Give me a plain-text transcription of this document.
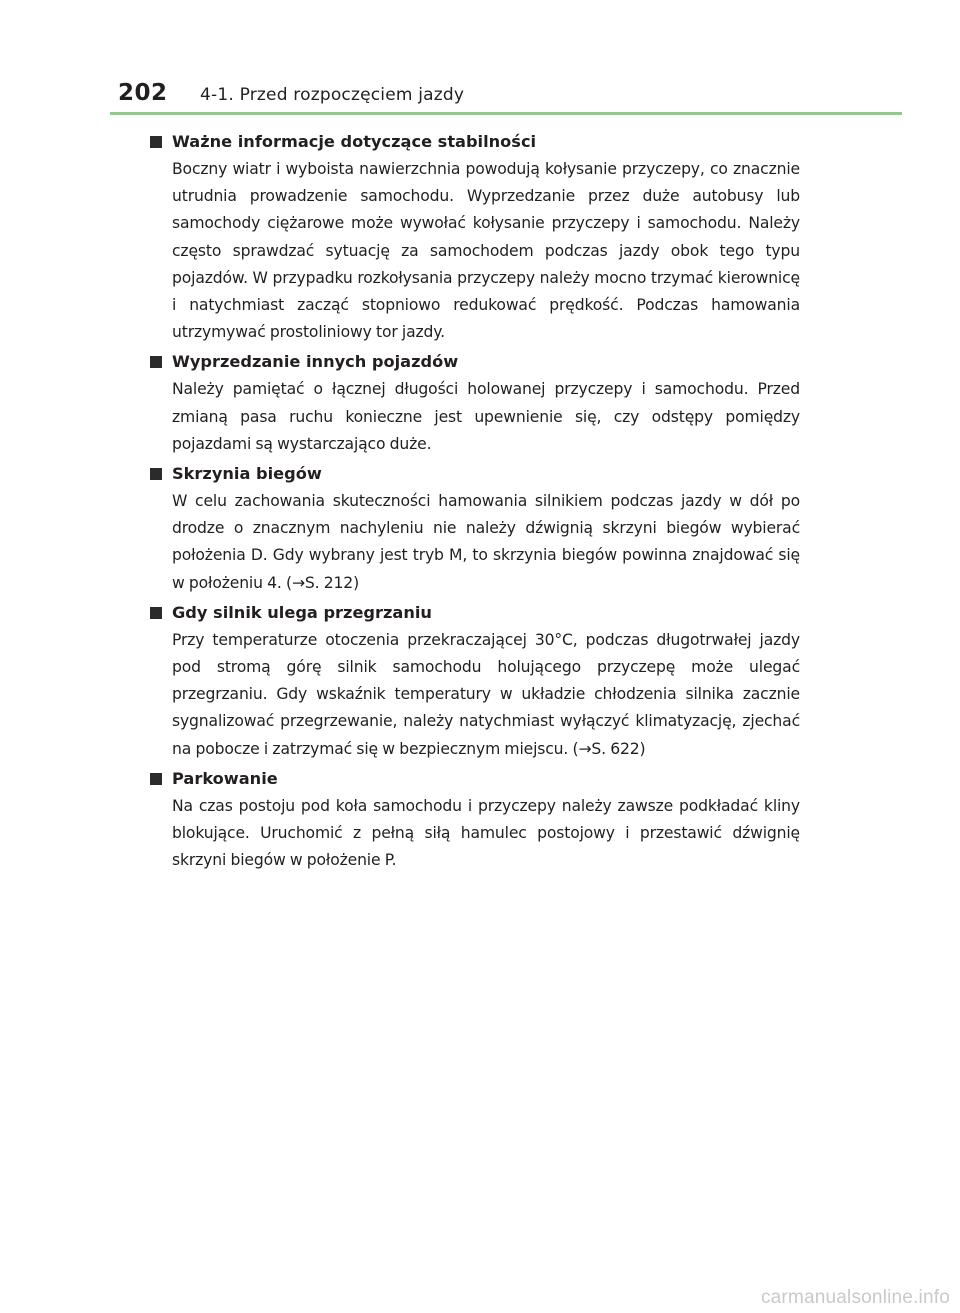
202	4-1. Przed rozpoczęciem jazdy
Ważne informacje dotyczące stabilności

Boczny wiatr i wyboista nawierzchnia powodują kołysanie przyczepy, co znacznie utrudnia prowadzenie samochodu. Wyprzedzanie przez duże autobusy lub samochody ciężarowe może wywołać kołysanie przyczepy i samochodu. Należy często sprawdzać sytuację za samochodem podczas jazdy obok tego typu pojazdów. W przypadku rozkołysania przyczepy należy mocno trzymać kierownicę i natychmiast zacząć stopniowo redukować prędkość. Podczas hamowania utrzymywać prostoliniowy tor jazdy.

Wyprzedzanie innych pojazdów

Należy pamiętać o łącznej długości holowanej przyczepy i samochodu. Przed zmianą pasa ruchu konieczne jest upewnienie się, czy odstępy pomiędzy pojazdami są wystarczająco duże.

Skrzynia biegów

W celu zachowania skuteczności hamowania silnikiem podczas jazdy w dół po drodze o znacznym nachyleniu nie należy dźwignią skrzyni biegów wybierać położenia D. Gdy wybrany jest tryb M, to skrzynia biegów powinna znajdować się w położeniu 4. (→S. 212)

Gdy silnik ulega przegrzaniu

Przy temperaturze otoczenia przekraczającej 30°C, podczas długotrwałej jazdy pod stromą górę silnik samochodu holującego przyczepę może ulegać przegrzaniu. Gdy wskaźnik temperatury w układzie chłodzenia silnika zacznie sygnalizować przegrzewanie, należy natychmiast wyłączyć klimatyzację, zjechać na pobocze i zatrzymać się w bezpiecznym miejscu. (→S. 622)

Parkowanie

Na czas postoju pod koła samochodu i przyczepy należy zawsze podkładać kliny blokujące. Uruchomić z pełną siłą hamulec postojowy i przestawić dźwignię skrzyni biegów w położenie P.

carmanualsonline.info
